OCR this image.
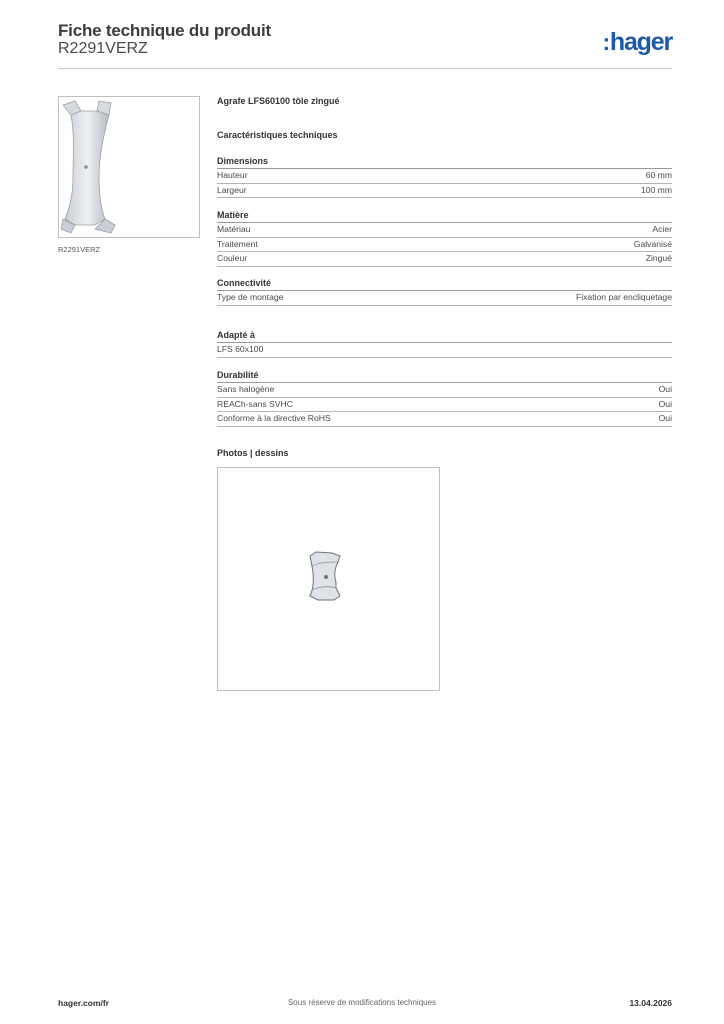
Fiche technique du produit
R2291VERZ	:hager
R2291VERZ
Agrafe LFS60100 tôle zingué
Caractéristiques techniques
Dimensions
Hauteur	60 mm
Largeur	100 mm
Matière
Matériau	Acier
Traitement	Galvanisé
Couleur	Zingué
Connectivité
Type de montage	Fixation par encliquetage
Adapté à
LFS 60x100
Durabilité
Sans halogène	Oui
REACh-sans SVHC	Oui
Conforme à la directive RoHS	Oui
Photos | dessins
hager.com/fr	Sous réserve de modifications techniques	13.04.2026
